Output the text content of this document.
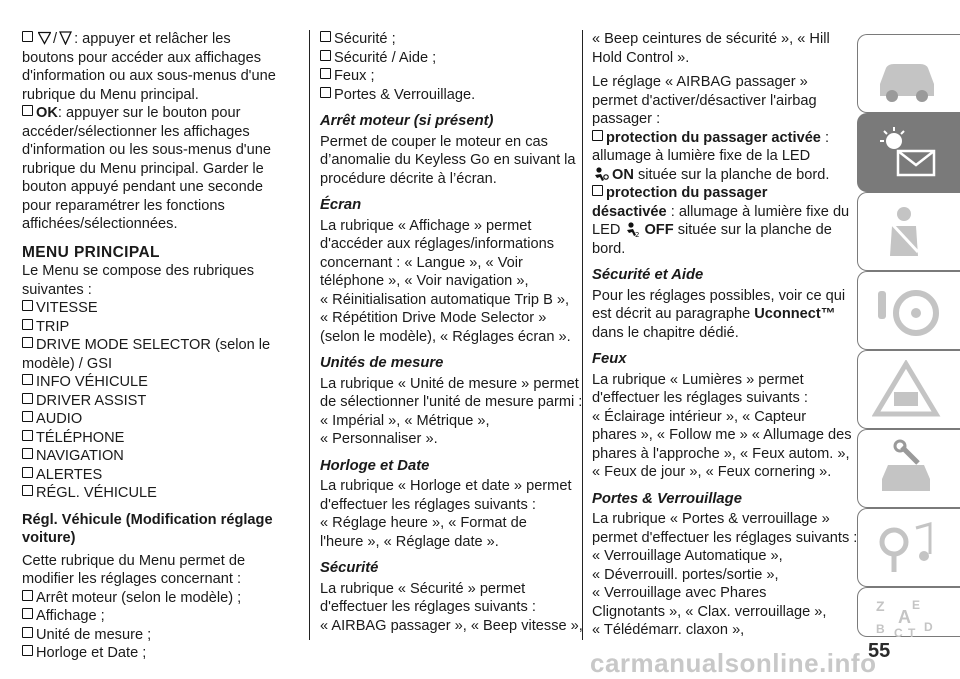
/ : appuyer et relâcher les
boutons pour accéder aux affichages
d'information ou aux sous-menus d'une
rubrique du Menu principal.

OK: appuyer sur le bouton pour
accéder/sélectionner les affichages
d'information ou les sous-menus d'une
rubrique du Menu principal. Garder le
bouton appuyé pendant une seconde
pour reparamétrer les fonctions
affichées/sélectionnées.

MENU PRINCIPAL

Le Menu se compose des rubriques
suivantes :

VITESSE
TRIP
DRIVE MODE SELECTOR (selon le
modèle) / GSI
INFO VÉHICULE
DRIVER ASSIST
AUDIO
TÉLÉPHONE
NAVIGATION
ALERTES
RÉGL. VÉHICULE
Régl. Véhicule (Modification réglage
voiture)

Cette rubrique du Menu permet de
modifier les réglages concernant :

Arrêt moteur (selon le modèle) ;
Affichage ;
Unité de mesure ;
Horloge et Date ;
Sécurité ;
Sécurité / Aide ;
Feux ;
Portes & Verrouillage.
Arrêt moteur (si présent)

Permet de couper le moteur en cas
d’anomalie du Keyless Go en suivant la
procédure décrite à l’écran.

Écran

La rubrique « Affichage » permet
d'accéder aux réglages/informations
concernant : « Langue », « Voir
téléphone », « Voir navigation »,
« Réinitialisation automatique Trip B »,
« Répétition Drive Mode Selector »
(selon le modèle), « Réglages écran ».

Unités de mesure

La rubrique « Unité de mesure » permet
de sélectionner l'unité de mesure parmi :
« Impérial », « Métrique »,
« Personnaliser ».

Horloge et Date

La rubrique « Horloge et date » permet
d'effectuer les réglages suivants :
« Réglage heure », « Format de
l'heure », « Réglage date ».

Sécurité

La rubrique « Sécurité » permet
d'effectuer les réglages suivants :
« AIRBAG passager », « Beep vitesse »,

« Beep ceintures de sécurité », « Hill
Hold Control ».

Le réglage « AIRBAG passager »
permet d'activer/désactiver l'airbag
passager :

protection du passager activée :
allumage à lumière fixe de la LED
ON située sur la planche de bord.

protection du passager
désactivée : allumage à lumière fixe du
LED 2 OFF située sur la planche de
bord.

Sécurité et Aide

Pour les réglages possibles, voir ce qui
est décrit au paragraphe Uconnect™
dans le chapitre dédié.

Feux

La rubrique « Lumières » permet
d'effectuer les réglages suivants :
« Éclairage intérieur », « Capteur
phares », « Follow me » « Allumage des
phares à l'approche », « Feux autom. »,
« Feux de jour », « Feux cornering ».

Portes & Verrouillage

La rubrique « Portes & verrouillage »
permet d'effectuer les réglages suivants :
« Verrouillage Automatique »,
« Déverrouill. portes/sortie »,
« Verrouillage avec Phares
Clignotants », « Clax. verrouillage »,
« Télédémarr. claxon »,

Z E
A
B	D
C T
55
carmanualsonline.info
